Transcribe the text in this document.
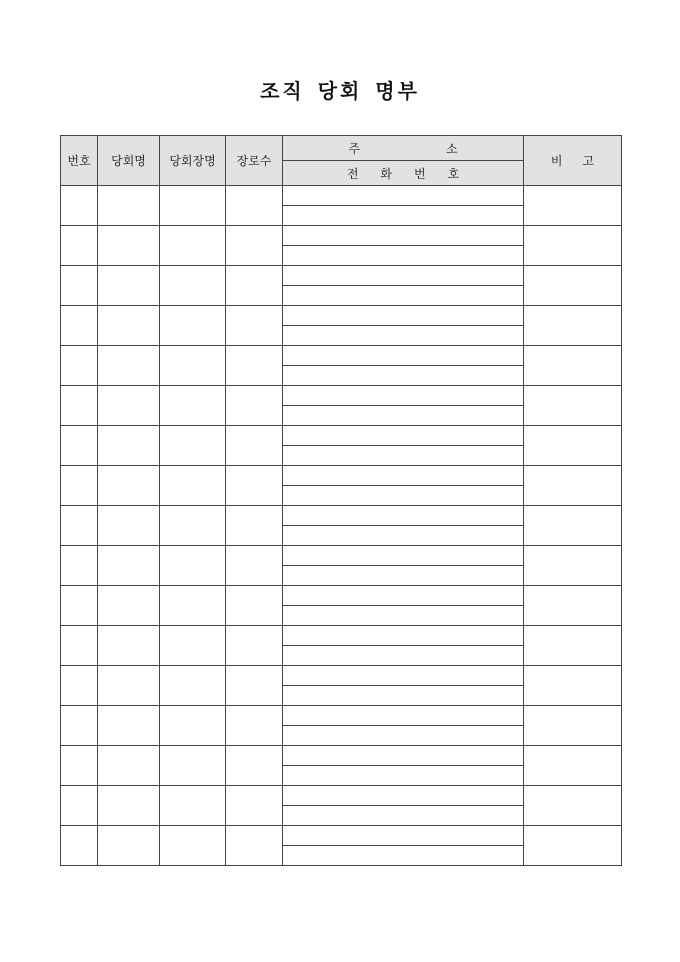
조직 당회 명부
번호	당회명	당회장명	장로수	주 소	비 고
				전 화 번 호	
